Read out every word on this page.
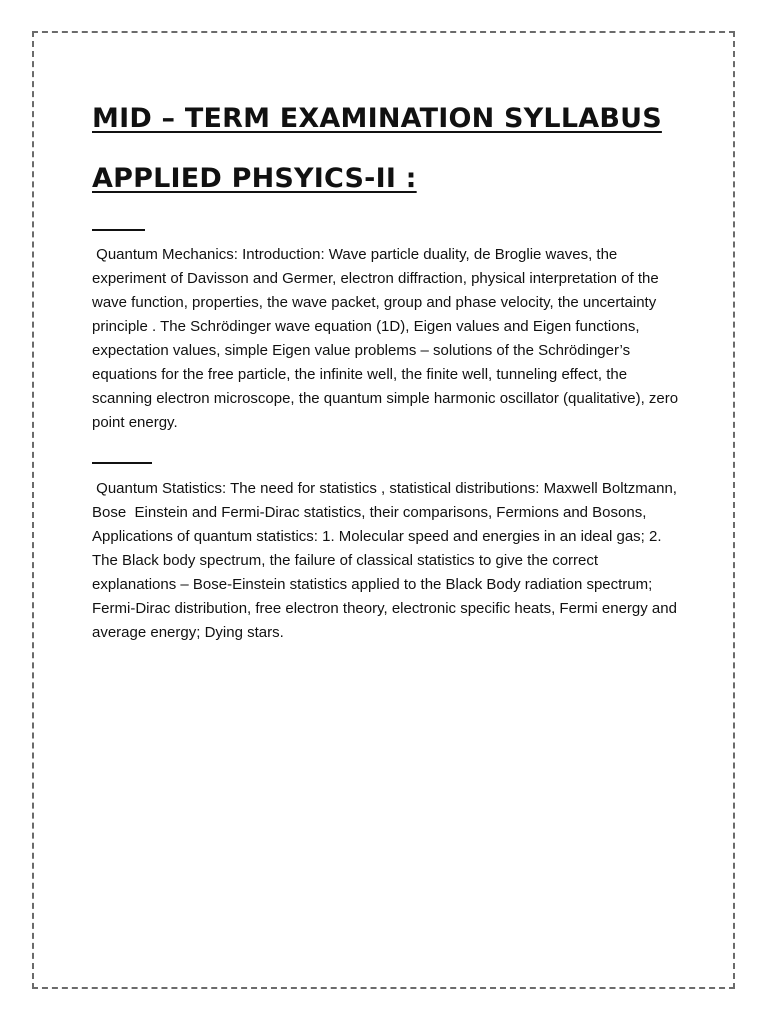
MID – TERM EXAMINATION SYLLABUS
APPLIED PHSYICS-II :
Quantum Mechanics: Introduction: Wave particle duality, de Broglie waves, the experiment of Davisson and Germer, electron diffraction, physical interpretation of the wave function, properties, the wave packet, group and phase velocity, the uncertainty principle . The Schrödinger wave equation (1D), Eigen values and Eigen functions, expectation values, simple Eigen value problems – solutions of the Schrödinger’s equations for the free particle, the infinite well, the finite well, tunneling effect, the scanning electron microscope, the quantum simple harmonic oscillator (qualitative), zero point energy.
Quantum Statistics: The need for statistics , statistical distributions: Maxwell Boltzmann, Bose  Einstein and Fermi-Dirac statistics, their comparisons, Fermions and Bosons, Applications of quantum statistics: 1. Molecular speed and energies in an ideal gas; 2. The Black body spectrum, the failure of classical statistics to give the correct explanations – Bose-Einstein statistics applied to the Black Body radiation spectrum; Fermi-Dirac distribution, free electron theory, electronic specific heats, Fermi energy and average energy; Dying stars.
